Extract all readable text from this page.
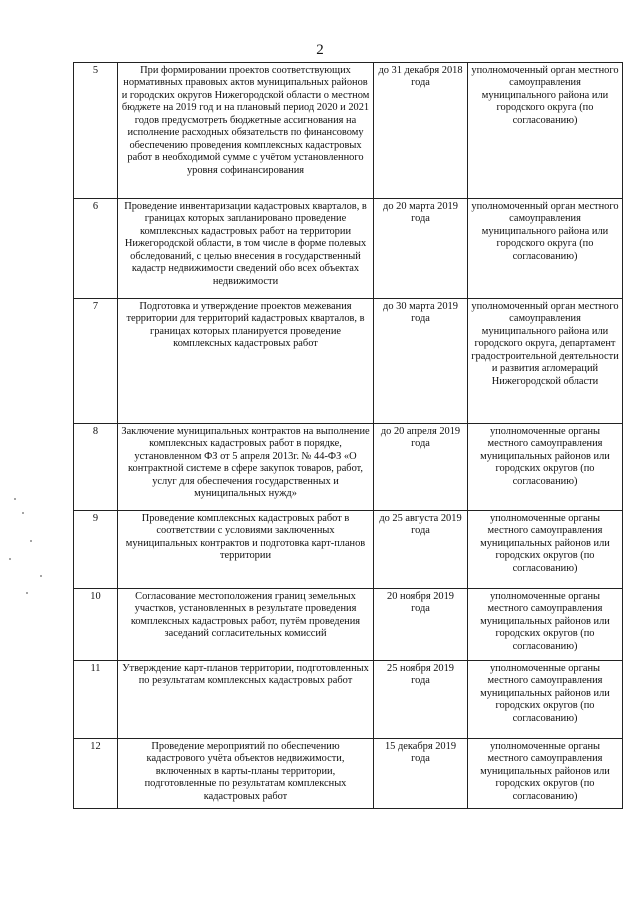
2
5	При формировании проектов соответствующих нормативных правовых актов муниципальных районов и городских округов Нижегородской области о местном бюджете на 2019 год и на плановый период 2020 и 2021 годов предусмотреть бюджетные ассигнования на исполнение расходных обязательств по финансовому обеспечению проведения комплексных кадастровых работ в необходимой сумме с учётом установленного уровня софинансирования	до 31 декабря 2018 года	уполномоченный орган местного самоуправления муниципального района или городского округа (по согласованию)
6	Проведение инвентаризации кадастровых кварталов, в границах которых запланировано проведение комплексных кадастровых работ на территории Нижегородской области, в том числе в форме полевых обследований, с целью внесения в государственный кадастр недвижимости сведений обо всех объектах недвижимости	до 20 марта 2019 года	уполномоченный орган местного самоуправления муниципального района или городского округа (по согласованию)
7	Подготовка и утверждение проектов межевания территории для территорий кадастровых кварталов, в границах которых планируется проведение комплексных кадастровых работ	до 30 марта 2019 года	уполномоченный орган местного самоуправления муниципального района или городского округа, департамент градостроительной деятельности и развития агломераций Нижегородской области
8	Заключение муниципальных контрактов на выполнение комплексных кадастровых работ в порядке, установленном ФЗ от 5 апреля 2013г. № 44-ФЗ «О контрактной системе в сфере закупок товаров, работ, услуг для обеспечения государственных и муниципальных нужд»	до 20 апреля 2019 года	уполномоченные органы местного самоуправления муниципальных районов или городских округов (по согласованию)
9	Проведение комплексных кадастровых работ в соответствии с условиями заключенных муниципальных контрактов и подготовка карт-планов территории	до 25 августа 2019 года	уполномоченные органы местного самоуправления муниципальных районов или городских округов (по согласованию)
10	Согласование местоположения границ земельных участков, установленных в результате проведения комплексных кадастровых работ, путём проведения заседаний согласительных комиссий	20 ноября 2019 года	уполномоченные органы местного самоуправления муниципальных районов или городских округов (по согласованию)
11	Утверждение карт-планов территории, подготовленных по результатам комплексных кадастровых работ	25 ноября 2019 года	уполномоченные органы местного самоуправления муниципальных районов или городских округов (по согласованию)
12	Проведение мероприятий по обеспечению кадастрового учёта объектов недвижимости, включенных в карты-планы территории, подготовленные по результатам комплексных кадастровых работ	15 декабря 2019 года	уполномоченные органы местного самоуправления муниципальных районов или городских округов (по согласованию)
